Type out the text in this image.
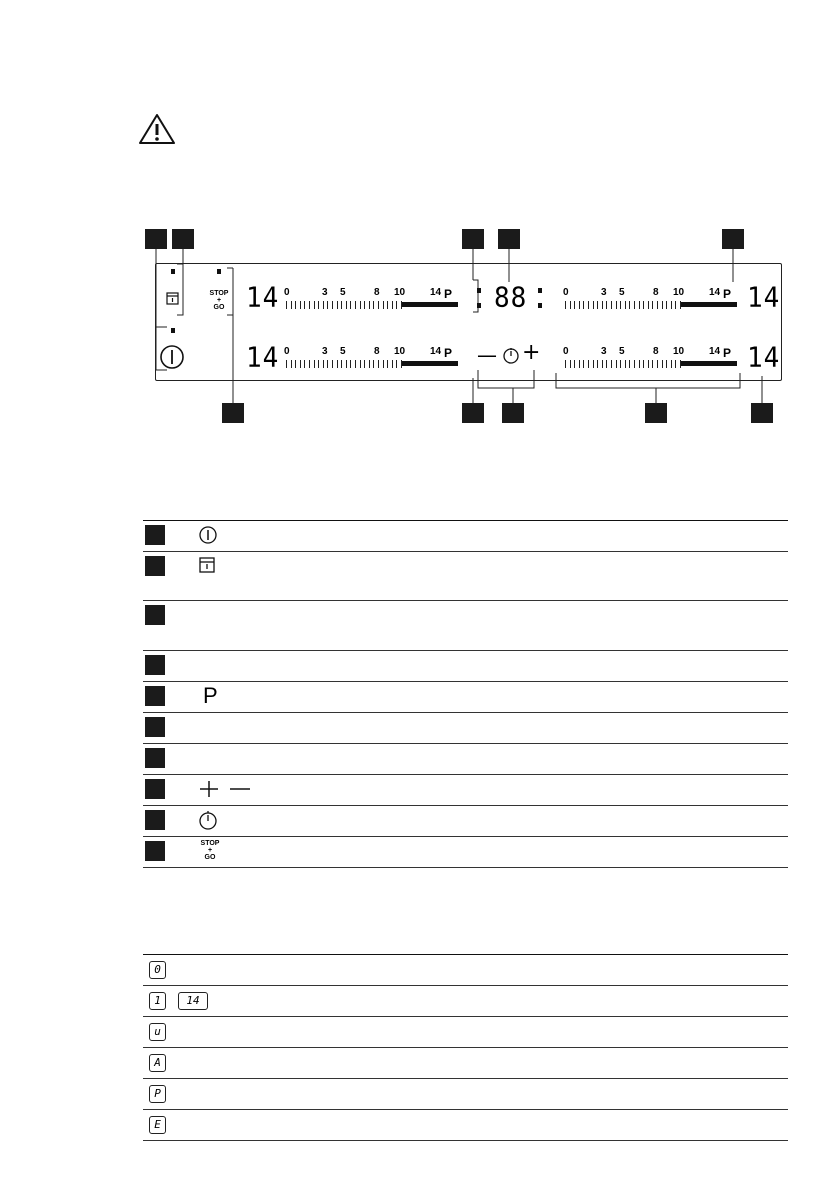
STOP
+
GO 14
14
14
14
88
— +
0	3 5	8 10 14 P
0	3 5	8 10 14 P
0	3 5	8 10 14 P
0	3 5	8 10 14 P
P
STOP
+
GO
0
1	14
u
A
P
E
